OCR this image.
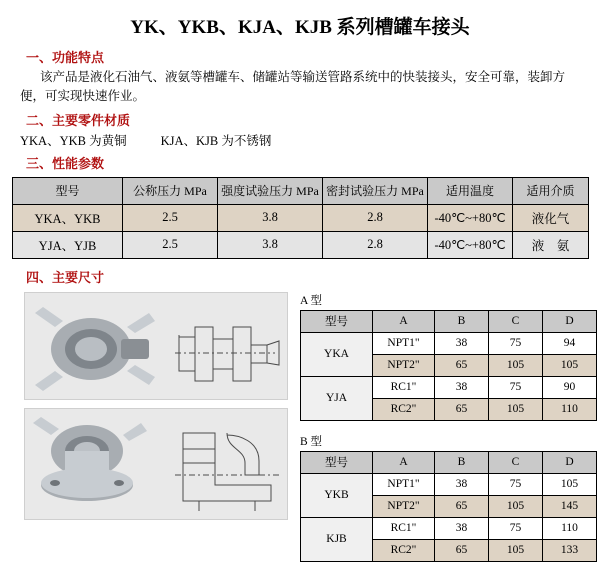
YK、YKB、KJA、KJB 系列槽罐车接头
一、功能特点
该产品是液化石油气、液氨等槽罐车、储罐站等输送管路系统中的快装接头，安全可靠，装卸方便，可实现快速作业。
二、主要零件材质
YKA、YKB 为黄铜	KJA、KJB 为不锈钢
三、性能参数
型号	公称压力 MPa	强度试验压力 MPa	密封试验压力 MPa	适用温度	适用介质
YKA、YKB	2.5	3.8	2.8	-40℃~+80℃	液化气
YJA、YJB	2.5	3.8	2.8	-40℃~+80℃	液　氨
四、主要尺寸
A 型
型号	A	B	C	D
YKA	NPT1"	38	75	94
	NPT2"	65	105	105
YJA	RC1"	38	75	90
	RC2"	65	105	110
B 型
型号	A	B	C	D
YKB	NPT1"	38	75	105
	NPT2"	65	105	145
KJB	RC1"	38	75	110
	RC2"	65	105	133
